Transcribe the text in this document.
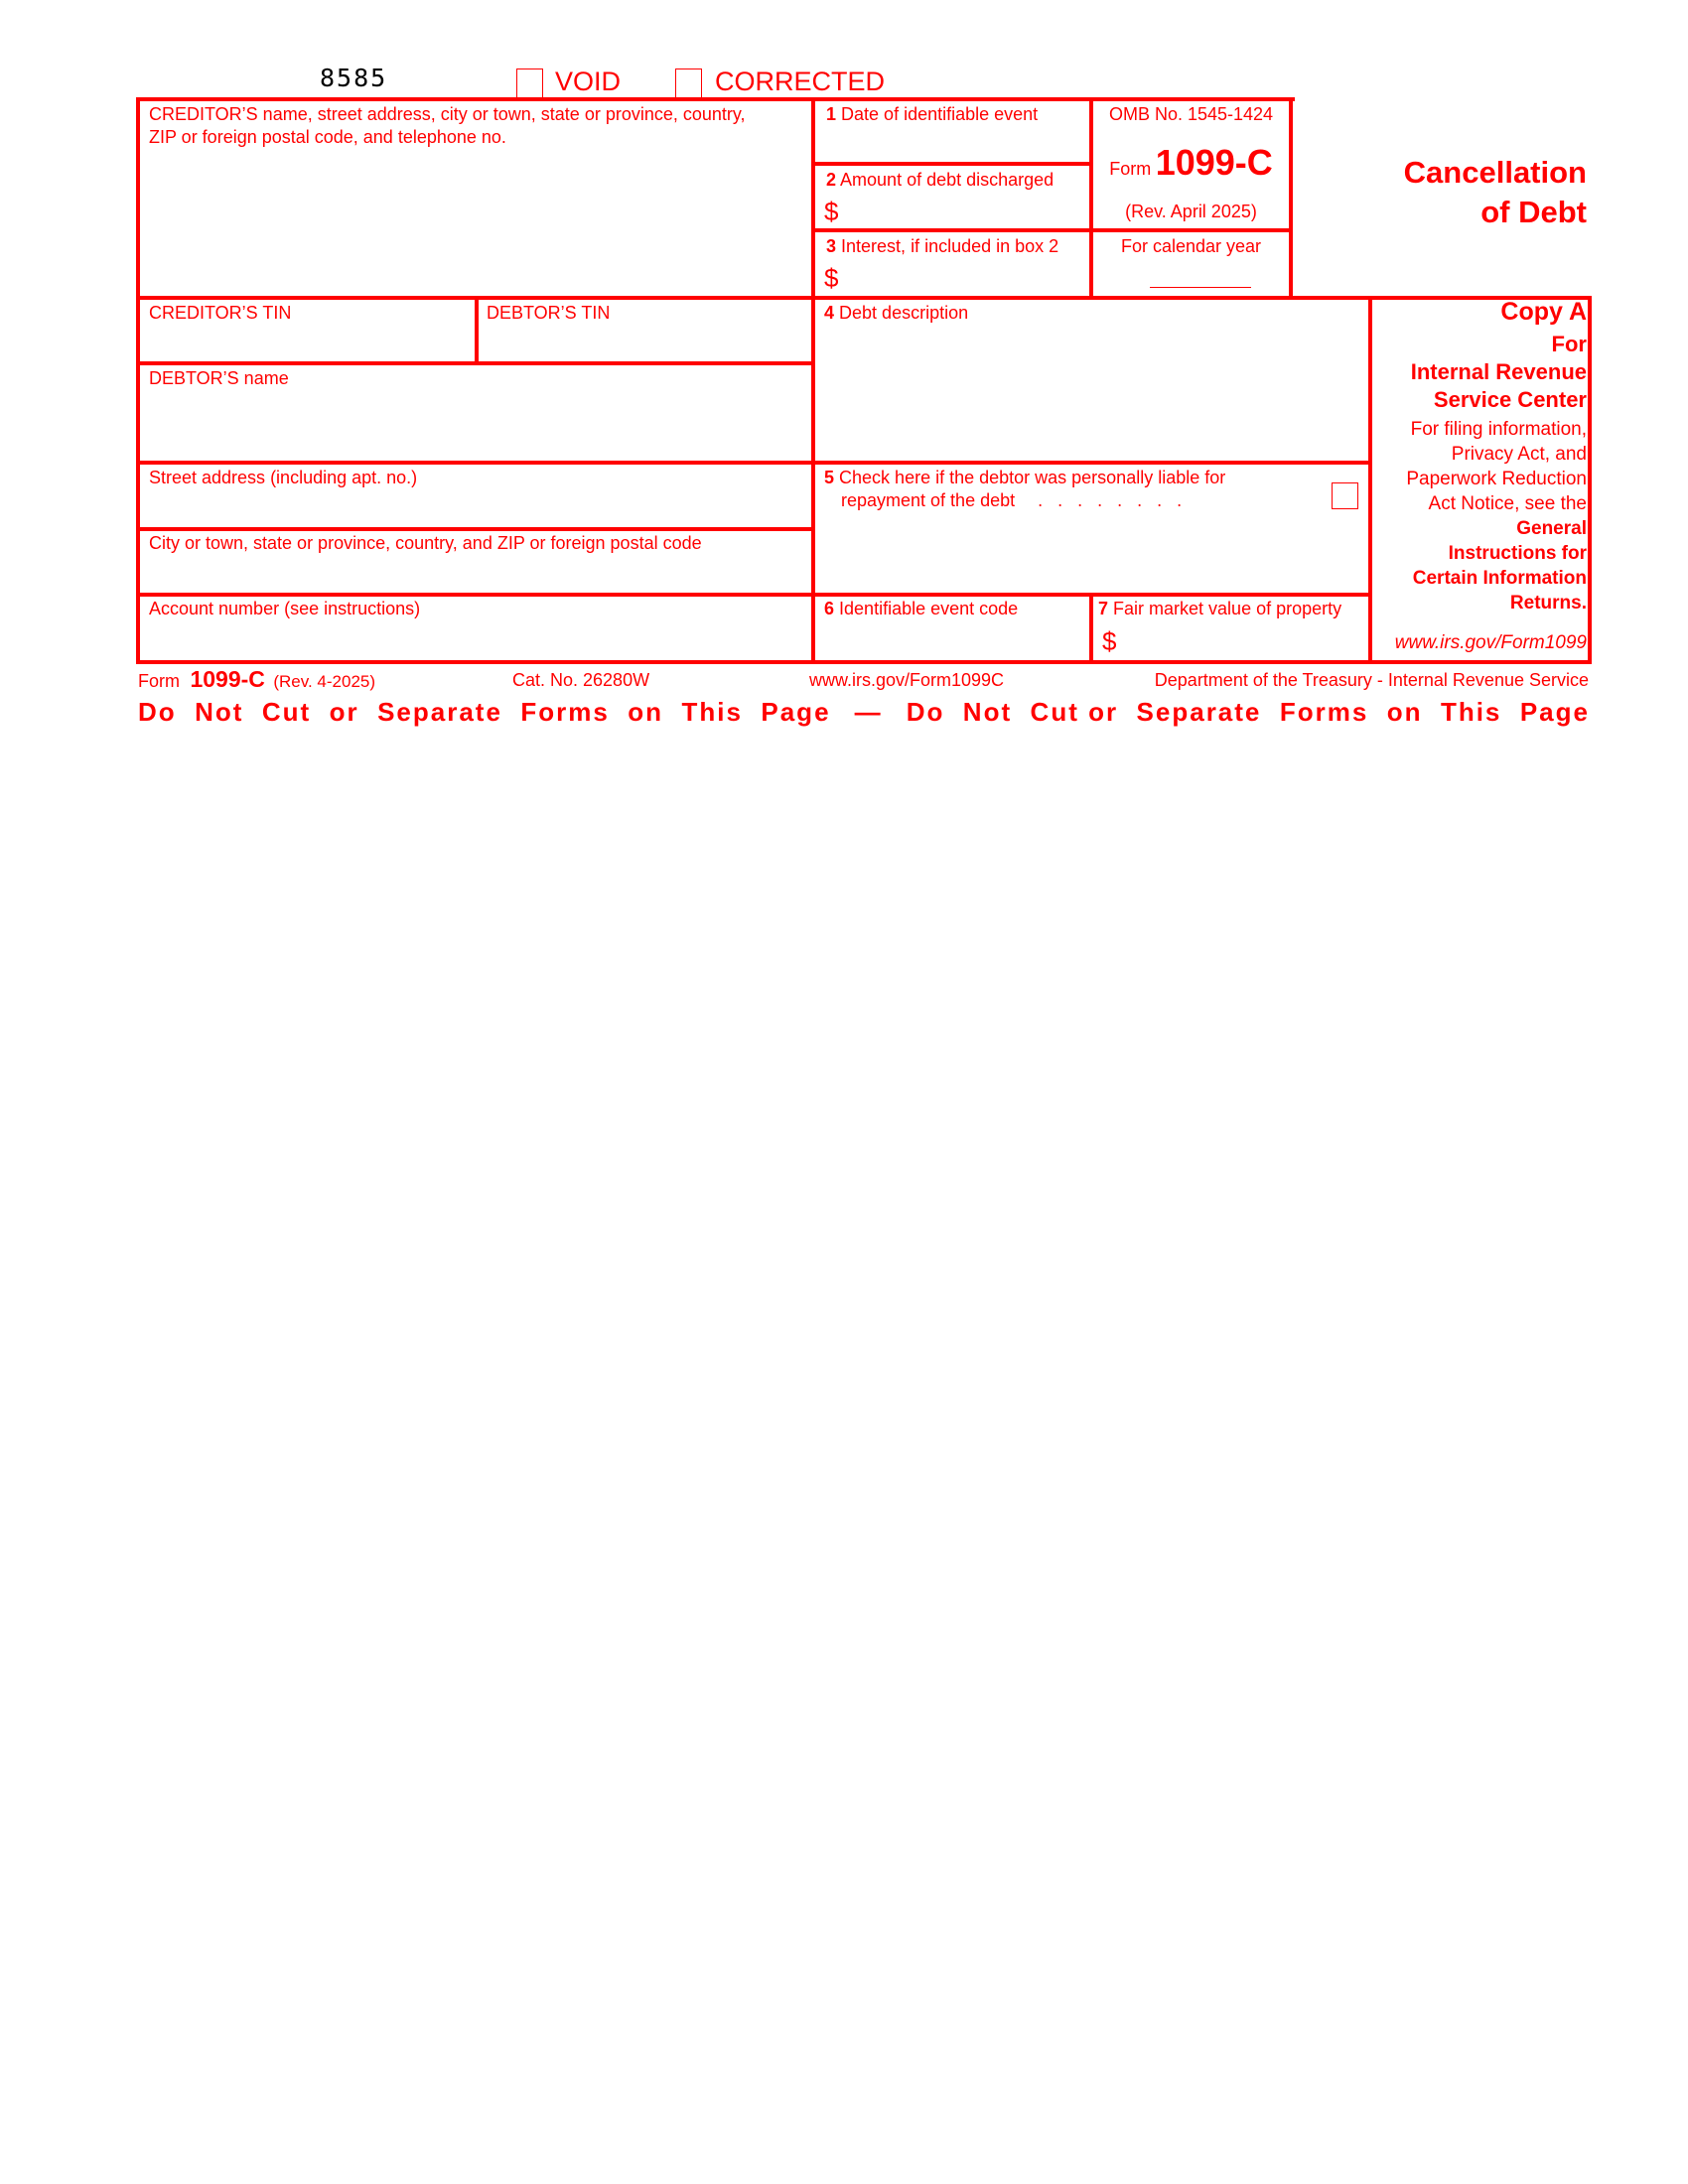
8585	VOID	CORRECTED
CREDITOR’S name, street address, city or town, state or province, country,
ZIP or foreign postal code, and telephone no.
1 Date of identifiable event
2 Amount of debt discharged
$
3 Interest, if included in box 2
$
OMB No. 1545-1424
Form 1099-C
(Rev. April 2025)
For calendar year
Cancellation
of Debt
CREDITOR’S TIN	DEBTOR’S TIN
DEBTOR’S name
Street address (including apt. no.)
City or town, state or province, country, and ZIP or foreign postal code
Account number (see instructions)
4 Debt description
5 Check here if the debtor was personally liable for
repayment of the debt .   .   .   .   .   .   .   .
6 Identifiable event code	7 Fair market value of property
$
Copy A
For
Internal Revenue
Service Center
For filing information,
Privacy Act, and
Paperwork Reduction
Act Notice, see the
General
Instructions for
Certain Information
Returns.
www.irs.gov/Form1099
Form 1099-C (Rev. 4-2025)	Cat. No. 26280W	www.irs.gov/Form1099C	Department of the Treasury - Internal Revenue Service
Do  Not  Cut  or  Separate  Forms  on  This  Page — Do  Not  Cut or  Separate  Forms  on  This  Page
